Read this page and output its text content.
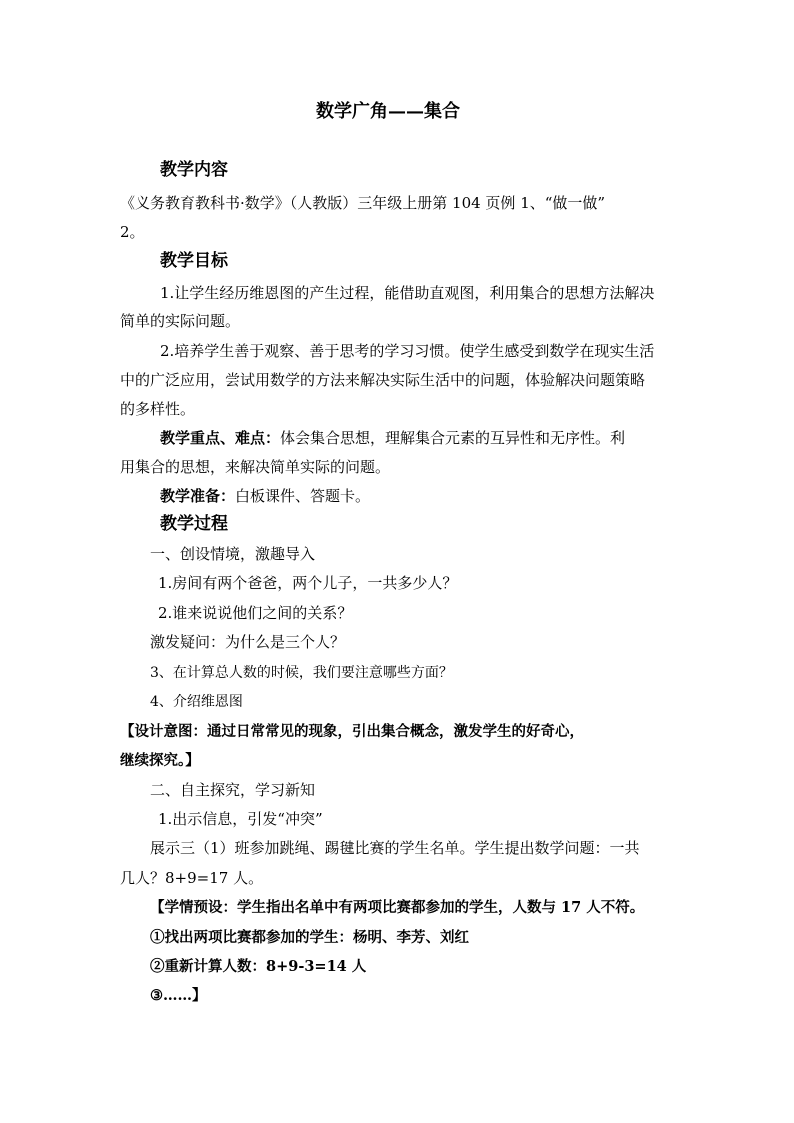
数学广角——集合
教学内容
《义务教育教科书·数学》（人教版）三年级上册第 104 页例 1、“做一做”
2。
教学目标
1.让学生经历维恩图的产生过程，能借助直观图，利用集合的思想方法解决
简单的实际问题。
2.培养学生善于观察、善于思考的学习习惯。使学生感受到数学在现实生活
中的广泛应用，尝试用数学的方法来解决实际生活中的问题，体验解决问题策略
的多样性。
教学重点、难点：体会集合思想，理解集合元素的互异性和无序性。利
用集合的思想，来解决简单实际的问题。
教学准备：白板课件、答题卡。
教学过程
一、创设情境，激趣导入
1.房间有两个爸爸，两个儿子，一共多少人？
2.谁来说说他们之间的关系？
激发疑问：为什么是三个人？
3、在计算总人数的时候，我们要注意哪些方面？
4、介绍维恩图
【设计意图：通过日常常见的现象，引出集合概念，激发学生的好奇心，
继续探究。】
二、自主探究，学习新知
1.出示信息，引发“冲突”
展示三（1）班参加跳绳、踢毽比赛的学生名单。学生提出数学问题：一共
几人？8+9=17 人。
【学情预设：学生指出名单中有两项比赛都参加的学生，人数与 17 人不符。
①找出两项比赛都参加的学生：杨明、李芳、刘红
②重新计算人数：8+9-3=14 人
③……】
